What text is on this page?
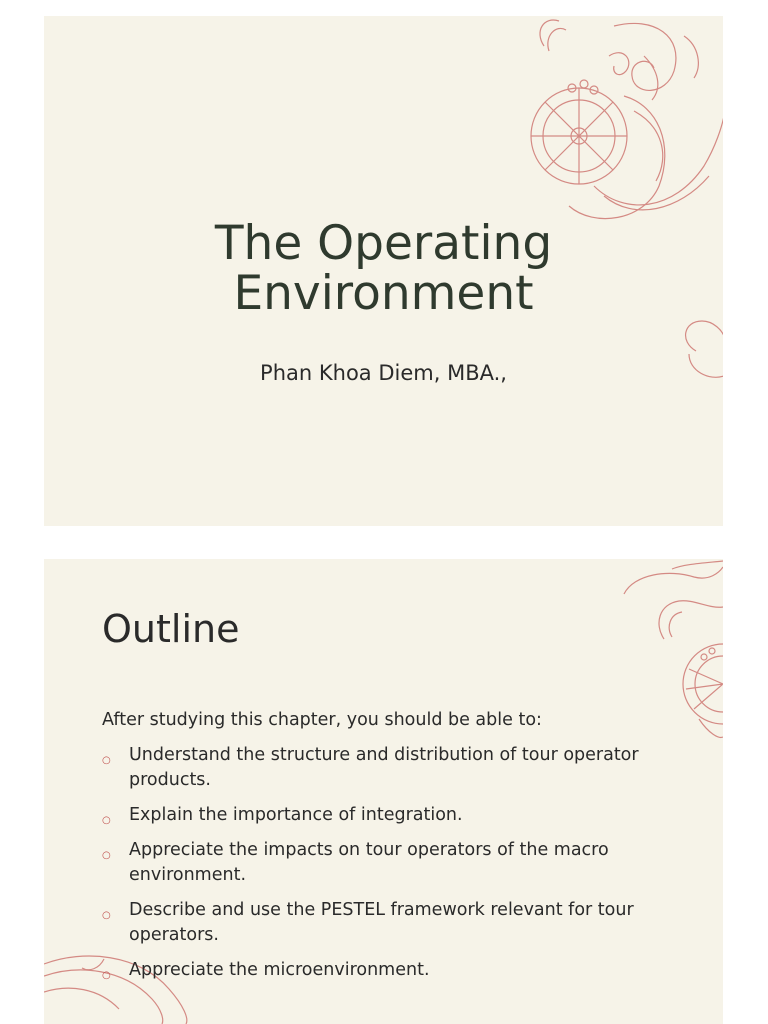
The Operating
Environment
Phan Khoa Diem, MBA.,
Outline
After studying this chapter, you should be able to:
○ Understand the structure and distribution of tour operator
products.
○ Explain the importance of integration.
○ Appreciate the impacts on tour operators of the macro
environment.
○ Describe and use the PESTEL framework relevant for tour
operators.
○ Appreciate the microenvironment.
